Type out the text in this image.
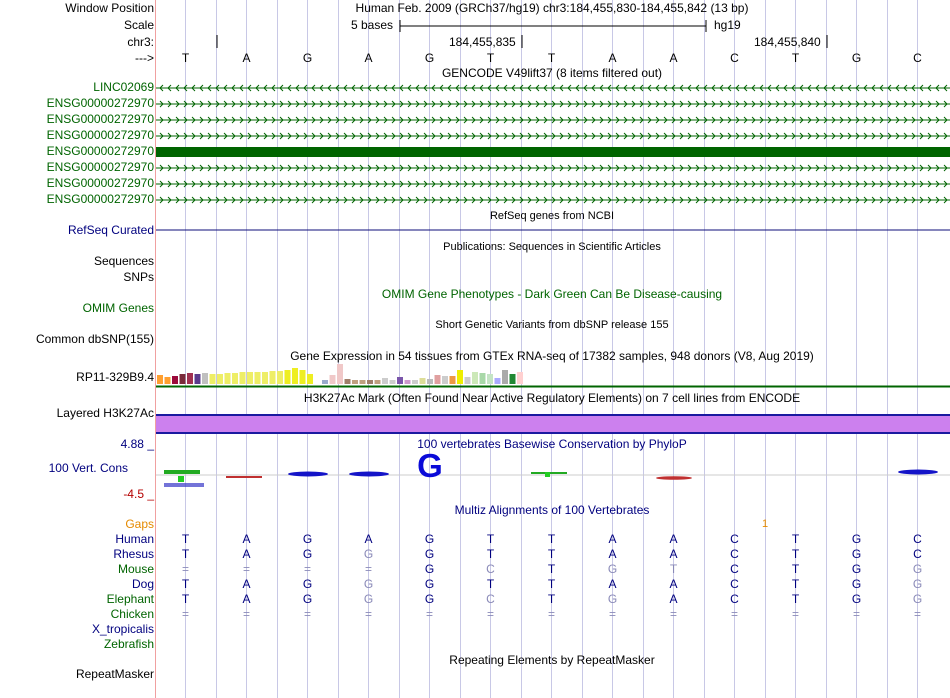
Window Position	Human Feb. 2009 (GRCh37/hg19) chr3:184,455,830-184,455,842 (13 bp)
Scale	5 bases	hg19
chr3:	184,455,835	184,455,840
--->	T	A	G	A	G	T	T	A	A	C	T	G	C
GENCODE V49lift37 (8 items filtered out)
LINC02069
ENSG00000272970
ENSG00000272970
ENSG00000272970
ENSG00000272970
ENSG00000272970
ENSG00000272970
ENSG00000272970
RefSeq genes from NCBI
RefSeq Curated
Publications: Sequences in Scientific Articles
Sequences
SNPs
OMIM Gene Phenotypes - Dark Green Can Be Disease-causing
OMIM Genes
Short Genetic Variants from dbSNP release 155
Common dbSNP(155)
Gene Expression in 54 tissues from GTEx RNA-seq of 17382 samples, 948 donors (V8, Aug 2019)
RP11-329B9.4
H3K27Ac Mark (Often Found Near Active Regulatory Elements) on 7 cell lines from ENCODE
Layered H3K27Ac
4.88 _	100 vertebrates Basewise Conservation by PhyloP
100 Vert. Cons
-4.5 _
G
Multiz Alignments of 100 Vertebrates
Gaps	1
Human	T	A	G	A	G	T	T	A	A	C	T	G	C
Rhesus	T	A	G	G	G	T	T	A	A	C	T	G	C
Mouse	=	=	=	=	G	C	T	G	T	C	T	G	G
Dog	T	A	G	G	G	T	T	A	A	C	T	G	G
Elephant	T	A	G	G	G	C	T	G	A	C	T	G	G
Chicken	=	=	=	=	=	=	=	=	=	=	=	=	=
X_tropicalis
Zebrafish
Repeating Elements by RepeatMasker
RepeatMasker
